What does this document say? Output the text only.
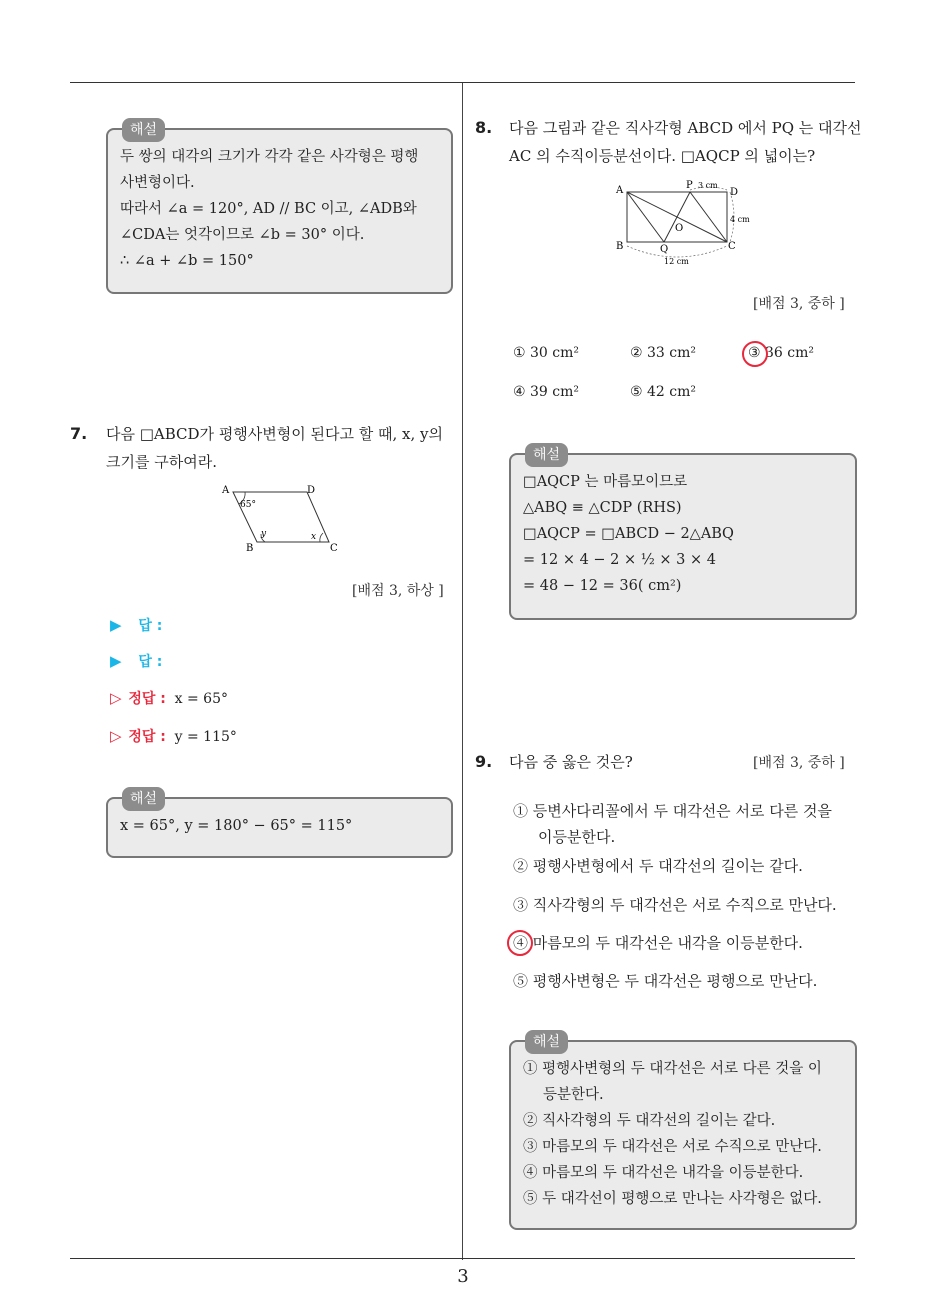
해설
두 쌍의 대각의 크기가 각각 같은 사각형은 평행
사변형이다.
따라서 ∠a = 120°, AD // BC 이고, ∠ADB와
∠CDA는 엇각이므로 ∠b = 30° 이다.
∴ ∠a + ∠b = 150°
7. 다음 □ABCD가 평행사변형이 된다고 할 때, x, y의
크기를 구하여라.
A	D
B	C
65°
y	x
[배점 3, 하상 ]
▶ 답 :
▶ 답 :
▷ 정답 : x = 65°
▷ 정답 : y = 115°
해설
x = 65°, y = 180° − 65° = 115°
8. 다음 그림과 같은 직사각형 ABCD 에서 PQ 는 대각선
AC 의 수직이등분선이다. □AQCP 의 넓이는?
A
B	C
D
P
Q
O
3 cm
4 cm
12 cm
[배점 3, 중하 ]
① 30 cm²	② 33 cm²	③ 36 cm²
④ 39 cm²	⑤ 42 cm²
해설
□AQCP 는 마름모이므로
△ABQ ≡ △CDP (RHS)
□AQCP = □ABCD − 2△ABQ
= 12 × 4 − 2 × ½ × 3 × 4
= 48 − 12 = 36( cm²)
9. 다음 중 옳은 것은?	[배점 3, 중하 ]
① 등변사다리꼴에서 두 대각선은 서로 다른 것을
이등분한다.
② 평행사변형에서 두 대각선의 길이는 같다.
③ 직사각형의 두 대각선은 서로 수직으로 만난다.
④ 마름모의 두 대각선은 내각을 이등분한다.
⑤ 평행사변형은 두 대각선은 평행으로 만난다.
해설
① 평행사변형의 두 대각선은 서로 다른 것을 이
등분한다.
② 직사각형의 두 대각선의 길이는 같다.
③ 마름모의 두 대각선은 서로 수직으로 만난다.
④ 마름모의 두 대각선은 내각을 이등분한다.
⑤ 두 대각선이 평행으로 만나는 사각형은 없다.
3
